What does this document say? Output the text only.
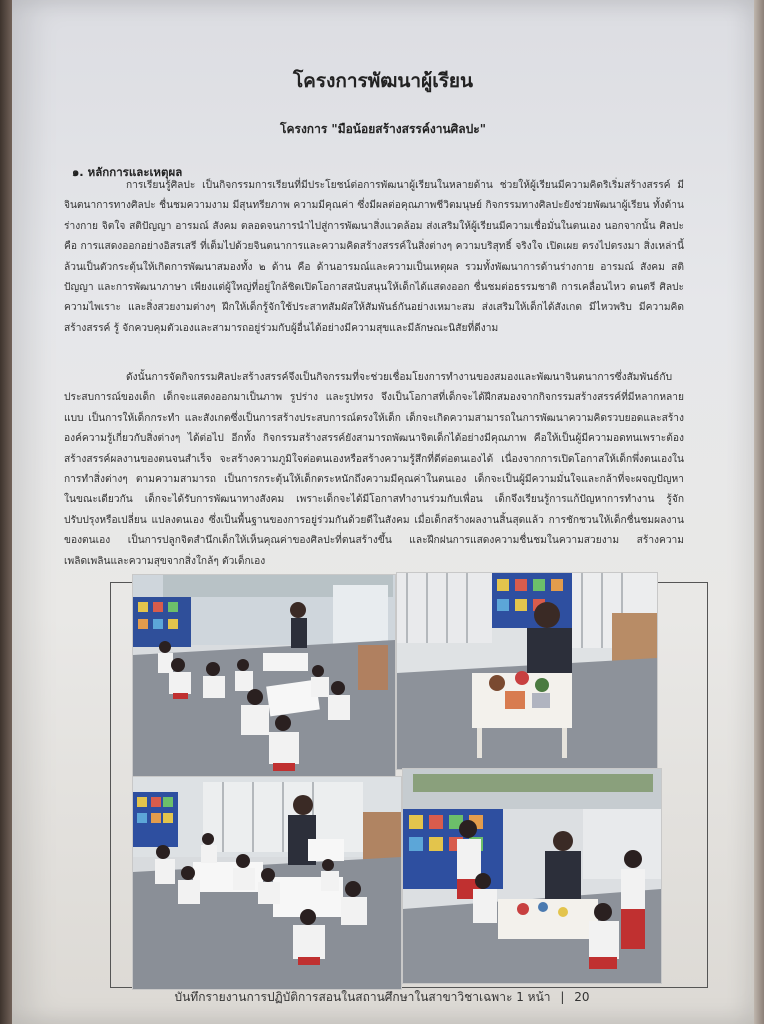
โครงการพัฒนาผู้เรียน
โครงการ "มือน้อยสร้างสรรค์งานศิลปะ"
๑. หลักการและเหตุผล

การเรียนรู้ศิลปะ เป็นกิจกรรมการเรียนที่มีประโยชน์ต่อการพัฒนาผู้เรียนในหลายด้าน ช่วยให้ผู้เรียนมีความคิดริเริ่มสร้างสรรค์ มีจินตนาการทางศิลปะ ชื่นชมความงาม มีสุนทรียภาพ ความมีคุณค่า ซึ่งมีผลต่อคุณภาพชีวิตมนุษย์ กิจกรรมทางศิลปะยังช่วยพัฒนาผู้เรียน ทั้งด้านร่างกาย จิตใจ สติปัญญา อารมณ์ สังคม ตลอดจนการนำไปสู่การพัฒนาสิ่งแวดล้อม ส่งเสริมให้ผู้เรียนมีความเชื่อมั่นในตนเอง นอกจากนั้น ศิลปะ คือ การแสดงออกอย่างอิสรเสรี ที่เต็มไปด้วยจินตนาการและความคิดสร้างสรรค์ในสิ่งต่างๆ ความบริสุทธิ์ จริงใจ เปิดเผย ตรงไปตรงมา สิ่งเหล่านี้ล้วนเป็นตัวกระตุ้นให้เกิดการพัฒนาสมองทั้ง ๒ ด้าน คือ ด้านอารมณ์และความเป็นเหตุผล รวมทั้งพัฒนาการด้านร่างกาย อารมณ์ สังคม สติปัญญา และการพัฒนาภาษา เพียงแต่ผู้ใหญ่ที่อยู่ใกล้ชิดเปิดโอกาสสนับสนุนให้เด็กได้แสดงออก ชื่นชมต่อธรรมชาติ การเคลื่อนไหว ดนตรี ศิลปะ ความไพเราะ และสิ่งสวยงามต่างๆ ฝึกให้เด็กรู้จักใช้ประสาทสัมผัสให้สัมพันธ์กันอย่างเหมาะสม ส่งเสริมให้เด็กได้สังเกต มีไหวพริบ มีความคิดสร้างสรรค์ รู้ จักควบคุมตัวเองและสามารถอยู่ร่วมกับผู้อื่นได้อย่างมีความสุขและมีลักษณะนิสัยที่ดีงาม

ดังนั้นการจัดกิจกรรมศิลปะสร้างสรรค์จึงเป็นกิจกรรมที่จะช่วยเชื่อมโยงการทำงานของสมองและพัฒนาจินตนาการซึ่งสัมพันธ์กับประสบการณ์ของเด็ก เด็กจะแสดงออกมาเป็นภาพ รูปร่าง และรูปทรง จึงเป็นโอกาสที่เด็กจะได้ฝึกสมองจากกิจกรรมสร้างสรรค์ที่มีหลากหลายแบบ เป็นการให้เด็กกระทำ และสังเกตซึ่งเป็นการสร้างประสบการณ์ตรงให้เด็ก เด็กจะเกิดความสามารถในการพัฒนาความคิดรวบยอดและสร้างองค์ความรู้เกี่ยวกับสิ่งต่างๆ ได้ต่อไป อีกทั้ง กิจกรรมสร้างสรรค์ยังสามารถพัฒนาจิตเด็กได้อย่างมีคุณภาพ คือให้เป็นผู้มีความอดทนเพราะต้องสร้างสรรค์ผลงานของตนจนสำเร็จ จะสร้างความภูมิใจต่อตนเองหรือสร้างความรู้สึกที่ดีต่อตนเองได้ เนื่องจากการเปิดโอกาสให้เด็กพึ่งตนเองในการทำสิ่งต่างๆ ตามความสามารถ เป็นการกระตุ้นให้เด็กตระหนักถึงความมีคุณค่าในตนเอง เด็กจะเป็นผู้มีความมั่นใจและกล้าที่จะผจญปัญหา ในขณะเดียวกัน เด็กจะได้รับการพัฒนาทางสังคม เพราะเด็กจะได้มีโอกาสทำงานร่วมกับเพื่อน เด็กจึงเรียนรู้การแก้ปัญหาการทำงาน รู้จักปรับปรุงหรือเปลี่ยน แปลงตนเอง ซึ่งเป็นพื้นฐานของการอยู่ร่วมกันด้วยดีในสังคม เมื่อเด็กสร้างผลงานสิ้นสุดแล้ว การชักชวนให้เด็กชื่นชมผลงานของตนเอง เป็นการปลูกจิตสำนึกเด็กให้เห็นคุณค่าของศิลปะที่ตนสร้างขึ้น และฝึกฝนการแสดงความชื่นชมในความสวยงาม สร้างความเพลิดเพลินและความสุขจากสิ่งใกล้ๆ ตัวเด็กเอง

บันทึกรายงานการปฏิบัติการสอนในสถานศึกษาในสาขาวิชาเฉพาะ 1 หน้า | 20
